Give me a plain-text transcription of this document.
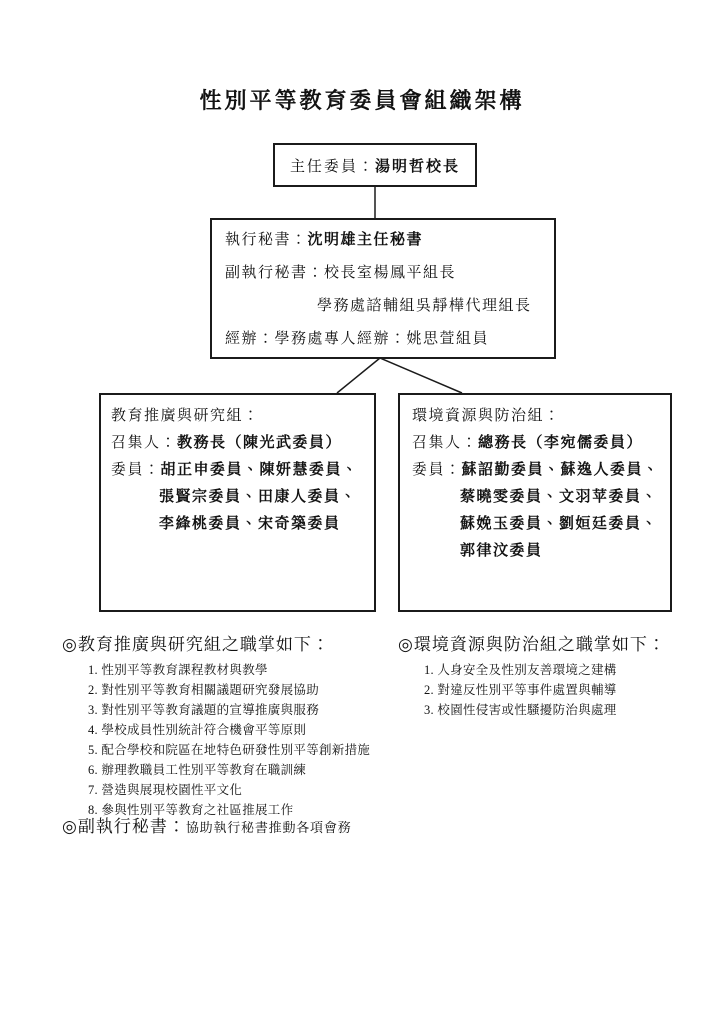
性別平等教育委員會組織架構
主任委員： 湯明哲校長
執行秘書：沈明雄主任秘書
副執行秘書：校長室楊鳳平組長
學務處諮輔組吳靜樺代理組長
經辦：學務處專人經辦：姚思萱組員
教育推廣與研究組：
召集人：教務長（陳光武委員）
委員：胡正申委員、陳妍慧委員、
張賢宗委員、田康人委員、
李綘桃委員、宋奇築委員
環境資源與防治組：
召集人：總務長（李宛儒委員）
委員：蘇詔勤委員、蘇逸人委員、
蔡曉雯委員、文羽苹委員、
蘇娩玉委員、劉姮廷委員、
郭律汶委員
◎教育推廣與研究組之職掌如下：
1. 性別平等教育課程教材與教學
2. 對性別平等教育相關議題研究發展協助
3. 對性別平等教育議題的宣導推廣與服務
4. 學校成員性別統計符合機會平等原則
5. 配合學校和院區在地特色研發性別平等創新措施
6. 辦理教職員工性別平等教育在職訓練
7. 營造與展現校園性平文化
8. 參與性別平等教育之社區推展工作
◎環境資源與防治組之職掌如下：
1. 人身安全及性別友善環境之建構
2. 對違反性別平等事件處置與輔導
3. 校園性侵害或性騷擾防治與處理
◎副執行秘書：協助執行秘書推動各項會務
